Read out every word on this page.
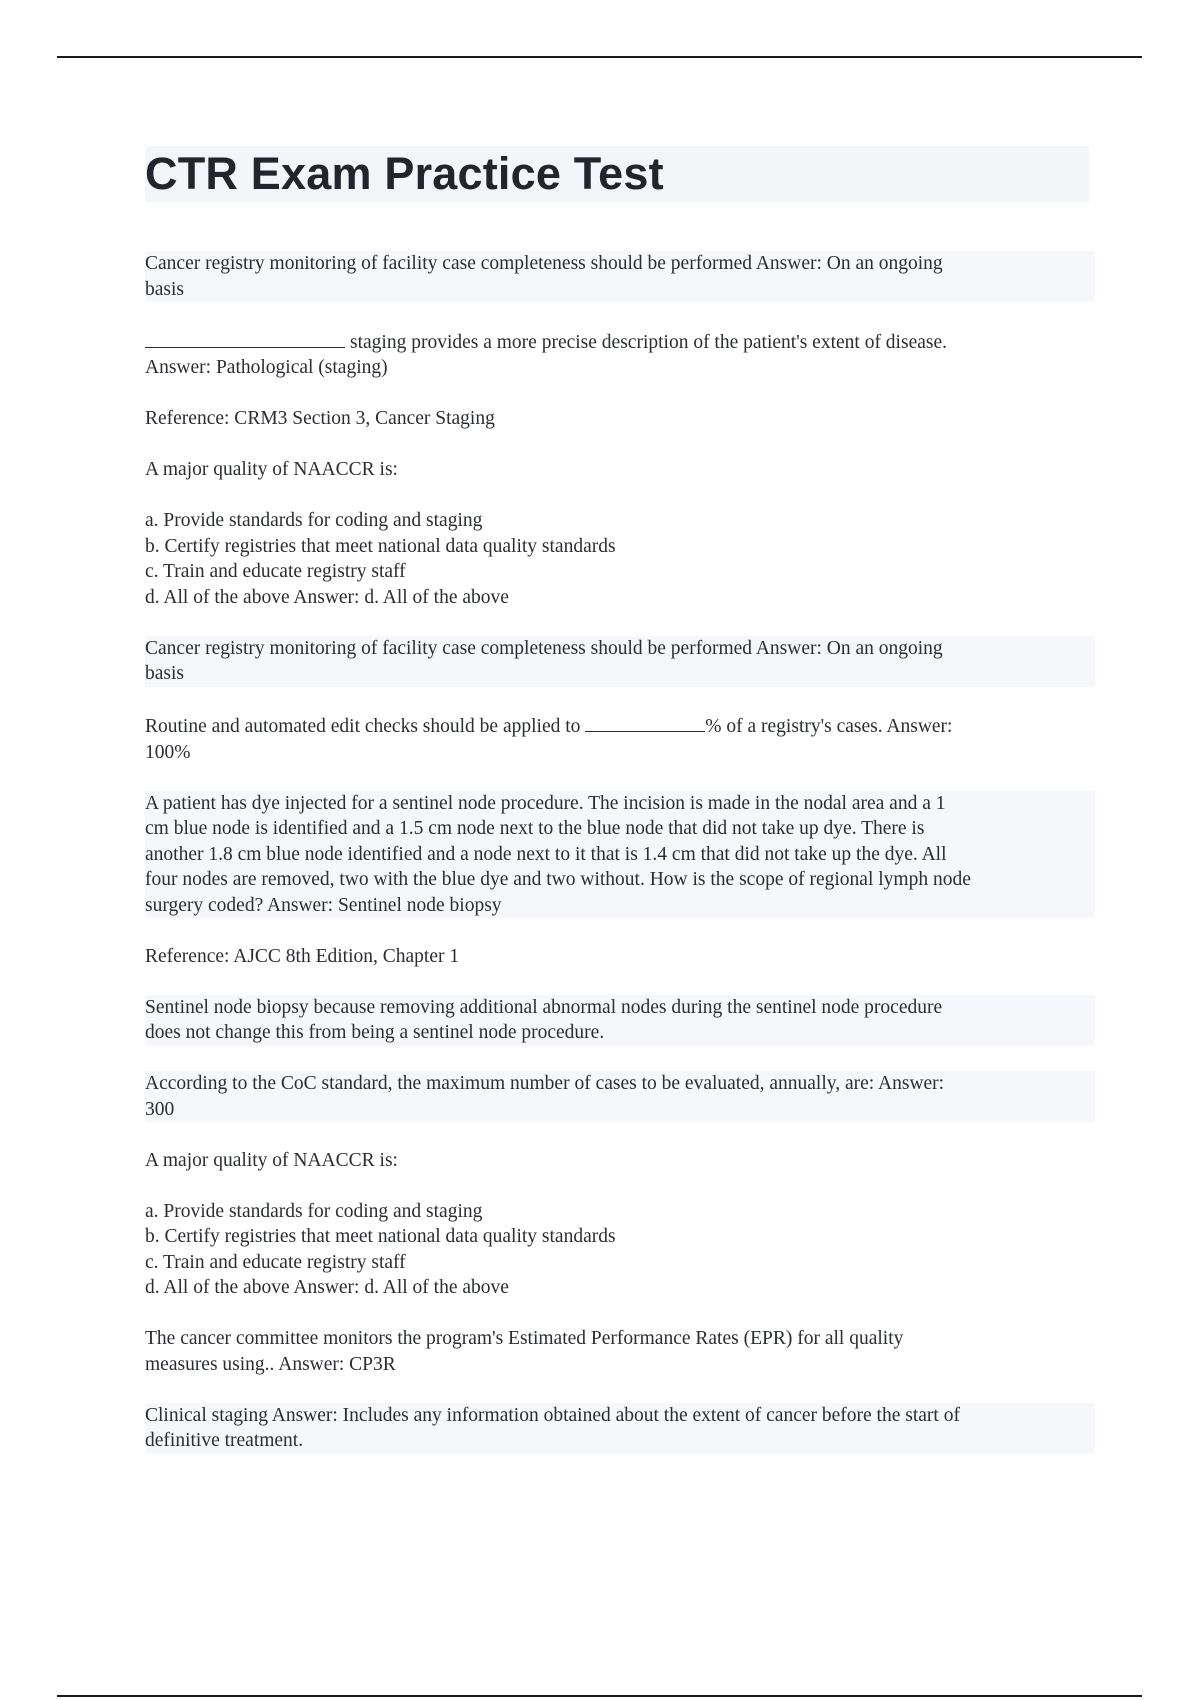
CTR Exam Practice Test

Cancer registry monitoring of facility case completeness should be performed Answer: On an ongoing
basis

staging provides a more precise description of the patient's extent of disease.
Answer: Pathological (staging)

Reference: CRM3 Section 3, Cancer Staging

A major quality of NAACCR is:

a. Provide standards for coding and staging
b. Certify registries that meet national data quality standards
c. Train and educate registry staff
d. All of the above Answer: d. All of the above

Cancer registry monitoring of facility case completeness should be performed Answer: On an ongoing
basis

Routine and automated edit checks should be applied to	% of a registry's cases. Answer:
100%

A patient has dye injected for a sentinel node procedure. The incision is made in the nodal area and a 1
cm blue node is identified and a 1.5 cm node next to the blue node that did not take up dye. There is
another 1.8 cm blue node identified and a node next to it that is 1.4 cm that did not take up the dye. All
four nodes are removed, two with the blue dye and two without. How is the scope of regional lymph node
surgery coded? Answer: Sentinel node biopsy

Reference: AJCC 8th Edition, Chapter 1

Sentinel node biopsy because removing additional abnormal nodes during the sentinel node procedure
does not change this from being a sentinel node procedure.

According to the CoC standard, the maximum number of cases to be evaluated, annually, are: Answer:
300

A major quality of NAACCR is:

a. Provide standards for coding and staging
b. Certify registries that meet national data quality standards
c. Train and educate registry staff
d. All of the above Answer: d. All of the above

The cancer committee monitors the program's Estimated Performance Rates (EPR) for all quality
measures using.. Answer: CP3R

Clinical staging Answer: Includes any information obtained about the extent of cancer before the start of
definitive treatment.
